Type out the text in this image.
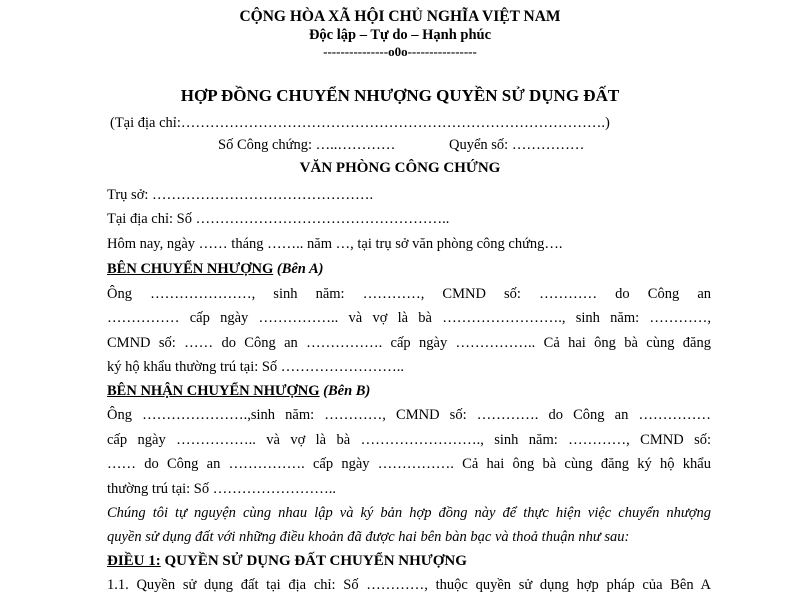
CỘNG HÒA XÃ HỘI CHỦ NGHĨA VIỆT NAM
Độc lập – Tự do – Hạnh phúc
---------------o0o----------------
HỢP ĐỒNG CHUYỂN NHƯỢNG QUYỀN SỬ DỤNG ĐẤT
(Tại địa chỉ:…………………………………………………………………………….)
Số Công chứng: …..…………	Quyển số: ……………
VĂN PHÒNG CÔNG CHỨNG
Trụ sở: ……………………………………….
Tại địa chỉ: Số ……………………………………………..
Hôm nay, ngày …… tháng …….. năm …, tại trụ sở văn phòng công chứng….
BÊN CHUYỂN NHƯỢNG (Bên A)
Ông …………………, sinh năm: …………, CMND số: ………… do Công an
…………… cấp ngày …………….. và vợ là bà ……………………., sinh năm: …………,
CMND số: …… do Công an ……………. cấp ngày …………….. Cả hai ông bà cùng đăng
ký hộ khẩu thường trú tại: Số ……………………..
BÊN NHẬN CHUYỂN NHƯỢNG (Bên B)
Ông ………………….,sinh năm: …………, CMND số: …………. do Công an ……………
cấp ngày …………….. và vợ là bà ……………………., sinh năm: …………, CMND số:
…… do Công an ……………. cấp ngày ……………. Cả hai ông bà cùng đăng ký hộ khẩu
thường trú tại: Số ……………………..
Chúng tôi tự nguyện cùng nhau lập và ký bản hợp đồng này để thực hiện việc chuyển nhượng
quyền sử dụng đất với những điều khoản đã được hai bên bàn bạc và thoả thuận như sau:
ĐIỀU 1: QUYỀN SỬ DỤNG ĐẤT CHUYỂN NHƯỢNG
1.1. Quyền sử dụng đất tại địa chỉ: Số …………, thuộc quyền sử dụng hợp pháp của Bên A
